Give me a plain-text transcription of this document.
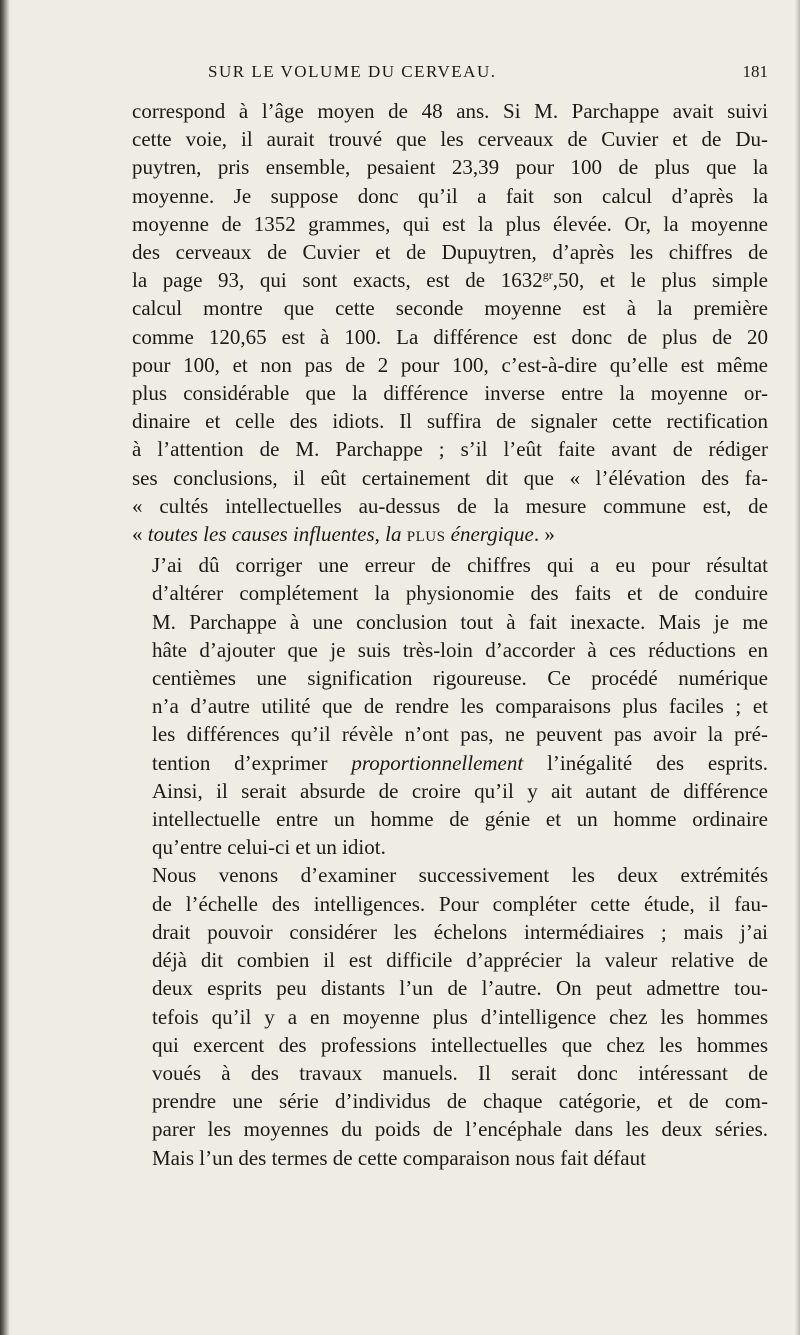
SUR LE VOLUME DU CERVEAU.	181

correspond à l’âge moyen de 48 ans. Si M. Parchappe avait suivi
cette voie, il aurait trouvé que les cerveaux de Cuvier et de Du-
puytren, pris ensemble, pesaient 23,39 pour 100 de plus que la
moyenne. Je suppose donc qu’il a fait son calcul d’après la
moyenne de 1352 grammes, qui est la plus élevée. Or, la moyenne
des cerveaux de Cuvier et de Dupuytren, d’après les chiffres de
la page 93, qui sont exacts, est de $1632^{gr},50$, et le plus simple
calcul montre que cette seconde moyenne est à la première
comme 120,65 est à 100. La différence est donc de plus de 20
pour 100, et non pas de 2 pour 100, c’est-à-dire qu’elle est même
plus considérable que la différence inverse entre la moyenne or-
dinaire et celle des idiots. Il suffira de signaler cette rectification
à l’attention de M. Parchappe ; s’il l’eût faite avant de rédiger
ses conclusions, il eût certainement dit que « l’élévation des fa-
« cultés intellectuelles au-dessus de la mesure commune est, de
« toutes les causes influentes, la PLUS énergique. »

J’ai dû corriger une erreur de chiffres qui a eu pour résultat
d’altérer complétement la physionomie des faits et de conduire
M. Parchappe à une conclusion tout à fait inexacte. Mais je me
hâte d’ajouter que je suis très-loin d’accorder à ces réductions en
centièmes une signification rigoureuse. Ce procédé numérique
n’a d’autre utilité que de rendre les comparaisons plus faciles ; et
les différences qu’il révèle n’ont pas, ne peuvent pas avoir la pré-
tention d’exprimer proportionnellement l’inégalité des esprits.
Ainsi, il serait absurde de croire qu’il y ait autant de différence
intellectuelle entre un homme de génie et un homme ordinaire
qu’entre celui-ci et un idiot.

Nous venons d’examiner successivement les deux extrémités
de l’échelle des intelligences. Pour compléter cette étude, il fau-
drait pouvoir considérer les échelons intermédiaires ; mais j’ai
déjà dit combien il est difficile d’apprécier la valeur relative de
deux esprits peu distants l’un de l’autre. On peut admettre tou-
tefois qu’il y a en moyenne plus d’intelligence chez les hommes
qui exercent des professions intellectuelles que chez les hommes
voués à des travaux manuels. Il serait donc intéressant de
prendre une série d’individus de chaque catégorie, et de com-
parer les moyennes du poids de l’encéphale dans les deux séries.
Mais l’un des termes de cette comparaison nous fait défaut
